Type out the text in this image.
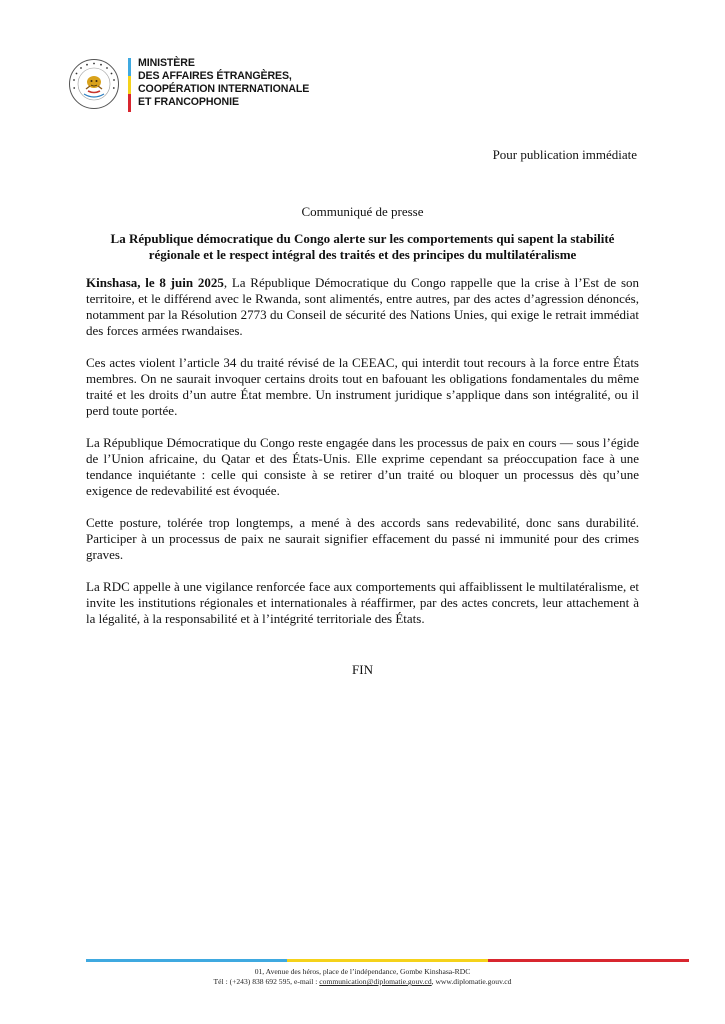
MINISTÈRE
DES AFFAIRES ÉTRANGÈRES,
COOPÉRATION INTERNATIONALE
ET FRANCOPHONIE
Pour publication immédiate
Communiqué de presse
La République démocratique du Congo alerte sur les comportements qui sapent la stabilité régionale et le respect intégral des traités et des principes du multilatéralisme

Kinshasa, le 8 juin 2025, La République Démocratique du Congo rappelle que la crise à l’Est de son territoire, et le différend avec le Rwanda, sont alimentés, entre autres, par des actes d’agression dénoncés, notamment par la Résolution 2773 du Conseil de sécurité des Nations Unies, qui exige le retrait immédiat des forces armées rwandaises.

Ces actes violent l’article 34 du traité révisé de la CEEAC, qui interdit tout recours à la force entre États membres. On ne saurait invoquer certains droits tout en bafouant les obligations fondamentales du même traité et les droits d’un autre État membre. Un instrument juridique s’applique dans son intégralité, ou il perd toute portée.

La République Démocratique du Congo reste engagée dans les processus de paix en cours — sous l’égide de l’Union africaine, du Qatar et des États-Unis. Elle exprime cependant sa préoccupation face à une tendance inquiétante : celle qui consiste à se retirer d’un traité ou bloquer un processus dès qu’une exigence de redevabilité est évoquée.

Cette posture, tolérée trop longtemps, a mené à des accords sans redevabilité, donc sans durabilité. Participer à un processus de paix ne saurait signifier effacement du passé ni immunité pour des crimes graves.

La RDC appelle à une vigilance renforcée face aux comportements qui affaiblissent le multilatéralisme, et invite les institutions régionales et internationales à réaffirmer, par des actes concrets, leur attachement à la légalité, à la responsabilité et à l’intégrité territoriale des États.

FIN
01, Avenue des héros, place de l’indépendance, Gombe Kinshasa-RDC
Tél : (+243) 838 692 595, e-mail : communication@diplomatie.gouv.cd, www.diplomatie.gouv.cd
